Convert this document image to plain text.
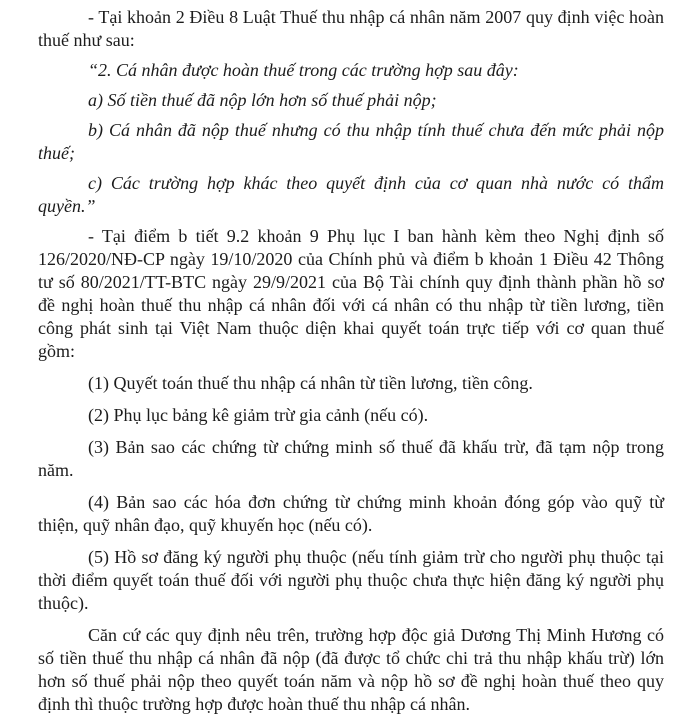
- Tại khoản 2 Điều 8 Luật Thuế thu nhập cá nhân năm 2007 quy định việc hoàn thuế như sau:

“2. Cá nhân được hoàn thuế trong các trường hợp sau đây:

a) Số tiền thuế đã nộp lớn hơn số thuế phải nộp;

b) Cá nhân đã nộp thuế nhưng có thu nhập tính thuế chưa đến mức phải nộp thuế;

c) Các trường hợp khác theo quyết định của cơ quan nhà nước có thẩm quyền.”

- Tại điểm b tiết 9.2 khoản 9 Phụ lục I ban hành kèm theo Nghị định số 126/2020/NĐ-CP ngày 19/10/2020 của Chính phủ và điểm b khoản 1 Điều 42 Thông tư số 80/2021/TT-BTC ngày 29/9/2021 của Bộ Tài chính quy định thành phần hồ sơ đề nghị hoàn thuế thu nhập cá nhân đối với cá nhân có thu nhập từ tiền lương, tiền công phát sinh tại Việt Nam thuộc diện khai quyết toán trực tiếp với cơ quan thuế gồm:

(1) Quyết toán thuế thu nhập cá nhân từ tiền lương, tiền công.

(2) Phụ lục bảng kê giảm trừ gia cảnh (nếu có).

(3) Bản sao các chứng từ chứng minh số thuế đã khấu trừ, đã tạm nộp trong năm.

(4) Bản sao các hóa đơn chứng từ chứng minh khoản đóng góp vào quỹ từ thiện, quỹ nhân đạo, quỹ khuyến học (nếu có).

(5) Hồ sơ đăng ký người phụ thuộc (nếu tính giảm trừ cho người phụ thuộc tại thời điểm quyết toán thuế đối với người phụ thuộc chưa thực hiện đăng ký người phụ thuộc).

Căn cứ các quy định nêu trên, trường hợp độc giả Dương Thị Minh Hương có số tiền thuế thu nhập cá nhân đã nộp (đã được tổ chức chi trả thu nhập khấu trừ) lớn hơn số thuế phải nộp theo quyết toán năm và nộp hồ sơ đề nghị hoàn thuế theo quy định thì thuộc trường hợp được hoàn thuế thu nhập cá nhân.
